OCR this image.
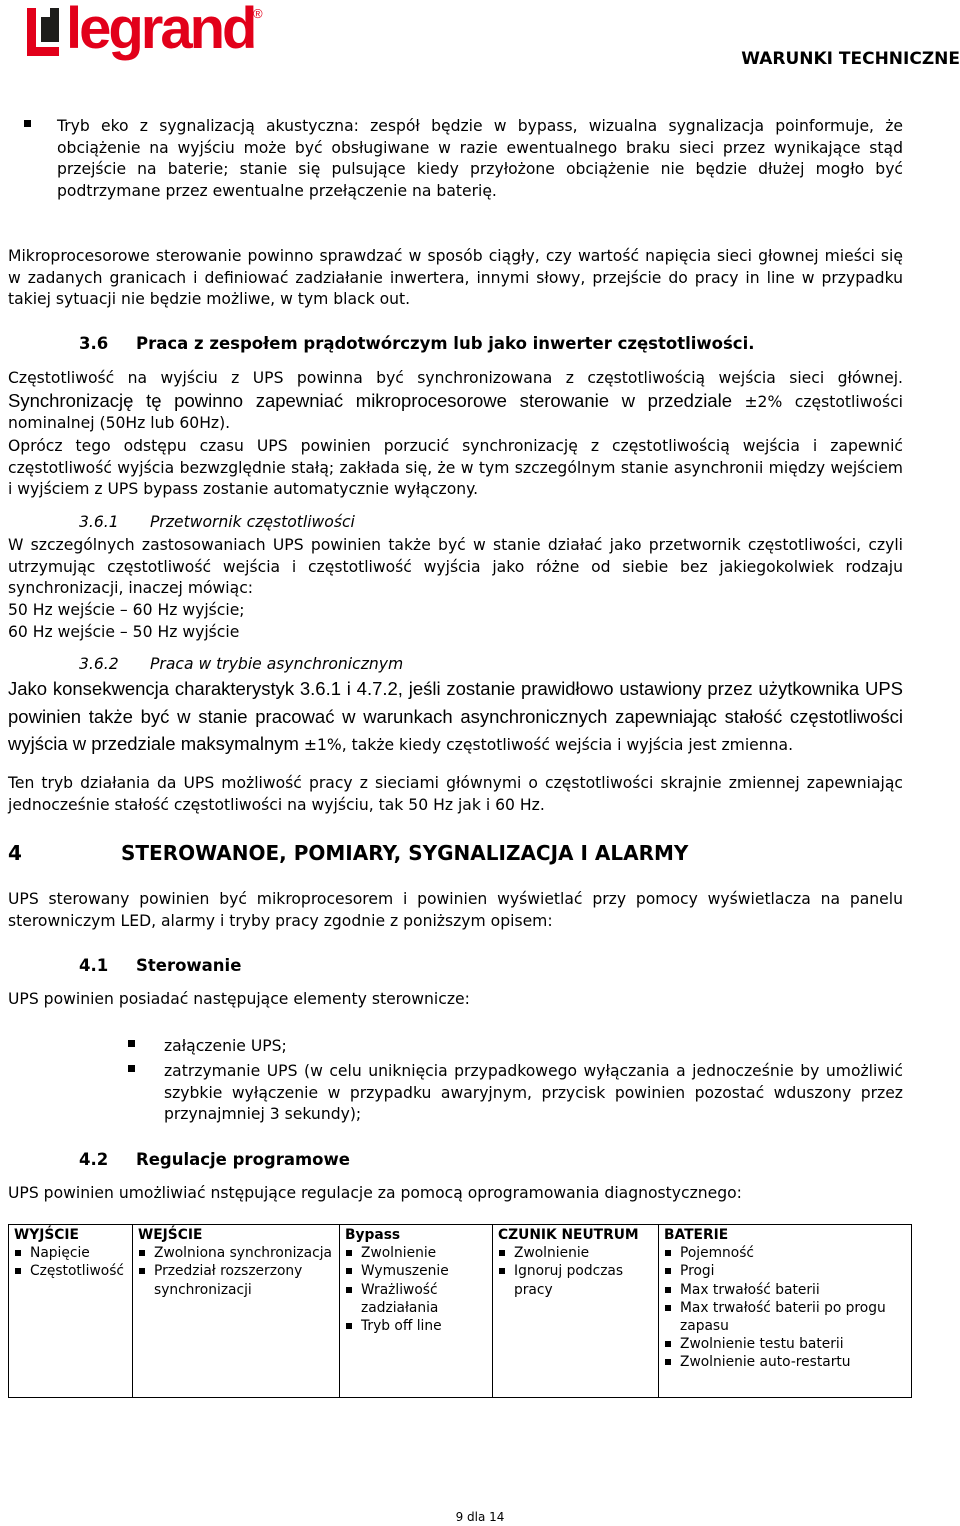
legrand
®
WARUNKI TECHNICZNE

Tryb eko z sygnalizacją akustyczna: zespół będzie w bypass, wizualna sygnalizacja poinformuje, że obciążenie na wyjściu może być obsługiwane w razie ewentualnego braku sieci przez wynikające stąd przejście na baterie; stanie się pulsujące kiedy przyłożone obciążenie nie będzie dłużej mogło być podtrzymane przez ewentualne przełączenie na baterię.

Mikroprocesorowe sterowanie powinno sprawdzać w sposób ciągły, czy wartość napięcia sieci głownej mieści się w zadanych granicach i definiować zadziałanie inwertera, innymi słowy, przejście do pracy in line w przypadku takiej sytuacji nie będzie możliwe, w tym black out.

3.6 Praca z zespołem prądotwórczym lub jako inwerter częstotliwości.

Częstotliwość na wyjściu z UPS powinna być synchronizowana z częstotliwością wejścia sieci głównej. Synchronizację tę powinno zapewniać mikroprocesorowe sterowanie w przedziale ±2% częstotliwości nominalnej (50Hz lub 60Hz).

Oprócz tego odstępu czasu UPS powinien porzucić synchronizację z częstotliwością wejścia i zapewnić częstotliwość wyjścia bezwzględnie stałą; zakłada się, że w tym szczególnym stanie asynchronii między wejściem i wyjściem z UPS bypass zostanie automatycznie wyłączony.

3.6.1 Przetwornik częstotliwości

W szczególnych zastosowaniach UPS powinien także być w stanie działać jako przetwornik częstotliwości, czyli utrzymując częstotliwość wejścia i częstotliwość wyjścia jako różne od siebie bez jakiegokolwiek rodzaju synchronizacji, inaczej mówiąc:

50 Hz wejście – 60 Hz wyjście;
60 Hz wejście – 50 Hz wyjście
3.6.2 Praca w trybie asynchronicznym

Jako konsekwencja charakterystyk 3.6.1 i 4.7.2, jeśli zostanie prawidłowo ustawiony przez użytkownika UPS powinien także być w stanie pracować w warunkach asynchronicznych zapewniając stałość częstotliwości wyjścia w przedziale maksymalnym ±1%, także kiedy częstotliwość wejścia i wyjścia jest zmienna.

Ten tryb działania da UPS możliwość pracy z sieciami głównymi o częstotliwości skrajnie zmiennej zapewniając jednocześnie stałość częstotliwości na wyjściu, tak 50 Hz jak i 60 Hz.

4	STEROWANOE, POMIARY, SYGNALIZACJA I ALARMY

UPS sterowany powinien być mikroprocesorem i powinien wyświetlać przy pomocy wyświetlacza na panelu sterowniczym LED, alarmy i tryby pracy zgodnie z poniższym opisem:

4.1 Sterowanie

UPS powinien posiadać następujące elementy sterownicze:

załączenie UPS;

zatrzymanie UPS (w celu uniknięcia przypadkowego wyłączania a jednocześnie by umożliwić szybkie wyłączenie w przypadku awaryjnym, przycisk powinien pozostać wduszony przez przynajmniej 3 sekundy);

4.2 Regulacje programowe

UPS powinien umożliwiać nstępujące regulacje za pomocą oprogramowania diagnostycznego:

WYJŚCIE
Napięcie
Częstotliwość

WEJŚCIE
Zwolniona synchronizacja
Przedział rozszerzony synchronizacji

Bypass
Zwolnienie
Wymuszenie
Wrażliwość zadziałania
Tryb off line

CZUNIK NEUTRUM
Zwolnienie
Ignoruj podczas pracy

BATERIE
Pojemność
Progi
Max trwałość baterii
Max trwałość baterii po progu zapasu
Zwolnienie testu baterii
Zwolnienie auto-restartu
9 dla 14
